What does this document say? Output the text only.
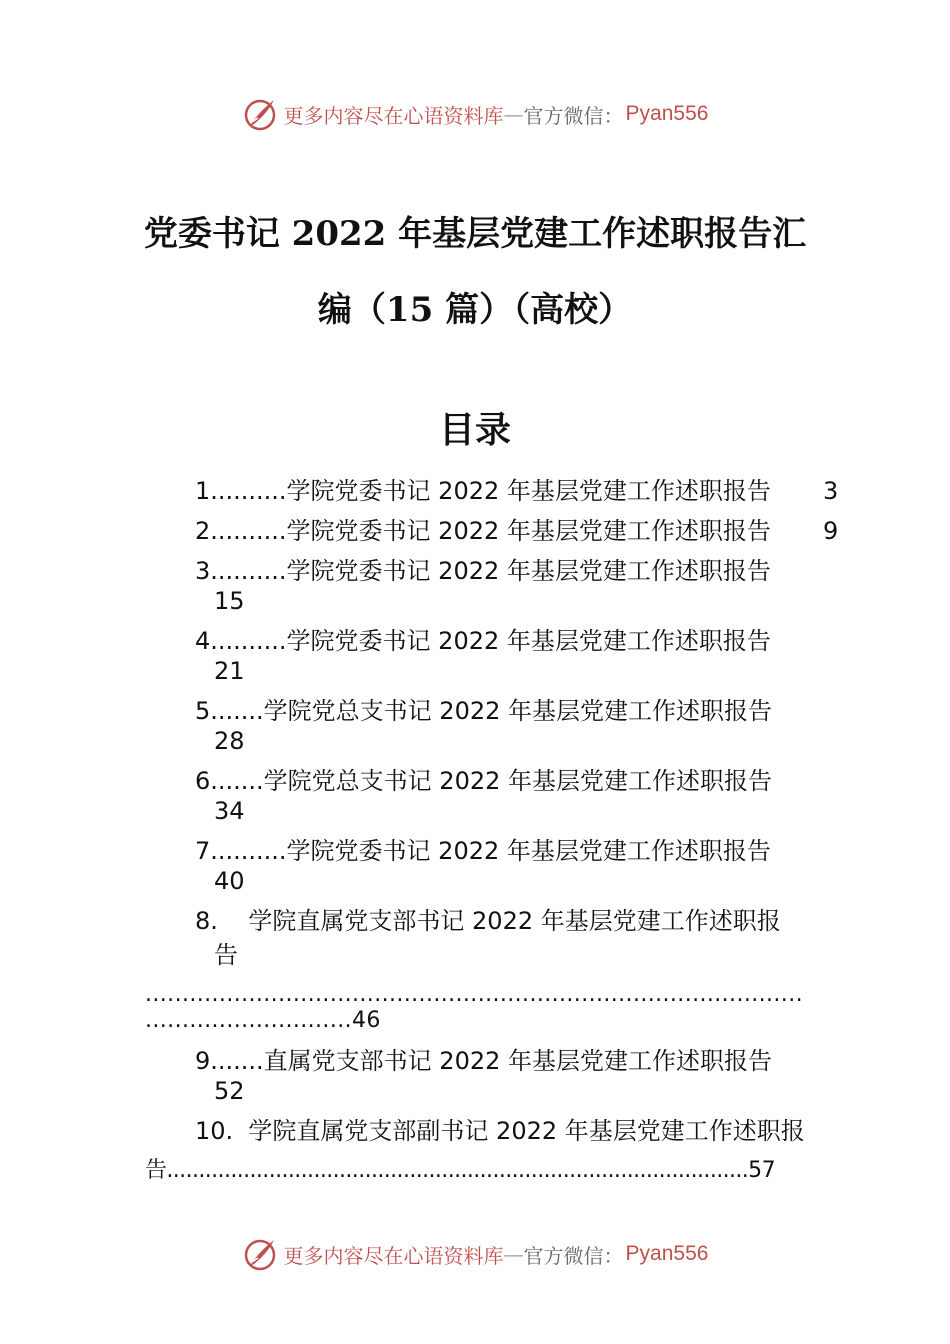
更多内容尽在心语资料库 — 官方微信： Pyan556
党委书记 2022 年基层党建工作述职报告汇
编（15 篇）（高校）
目录
1..........学院党委书记 2022 年基层党建工作述职报告 3
2..........学院党委书记 2022 年基层党建工作述职报告 9
3..........学院党委书记 2022 年基层党建工作述职报告
15
4..........学院党委书记 2022 年基层党建工作述职报告
21
5.......学院党总支书记 2022 年基层党建工作述职报告
28
6.......学院党总支书记 2022 年基层党建工作述职报告
34
7..........学院党委书记 2022 年基层党建工作述职报告
40
8.    学院直属党支部书记 2022 年基层党建工作述职报
告
.........................................................................................
............................46
9.......直属党支部书记 2022 年基层党建工作述职报告
52
10.  学院直属党支部副书记 2022 年基层党建工作述职报
告...........................................................................................57
更多内容尽在心语资料库 — 官方微信： Pyan556
